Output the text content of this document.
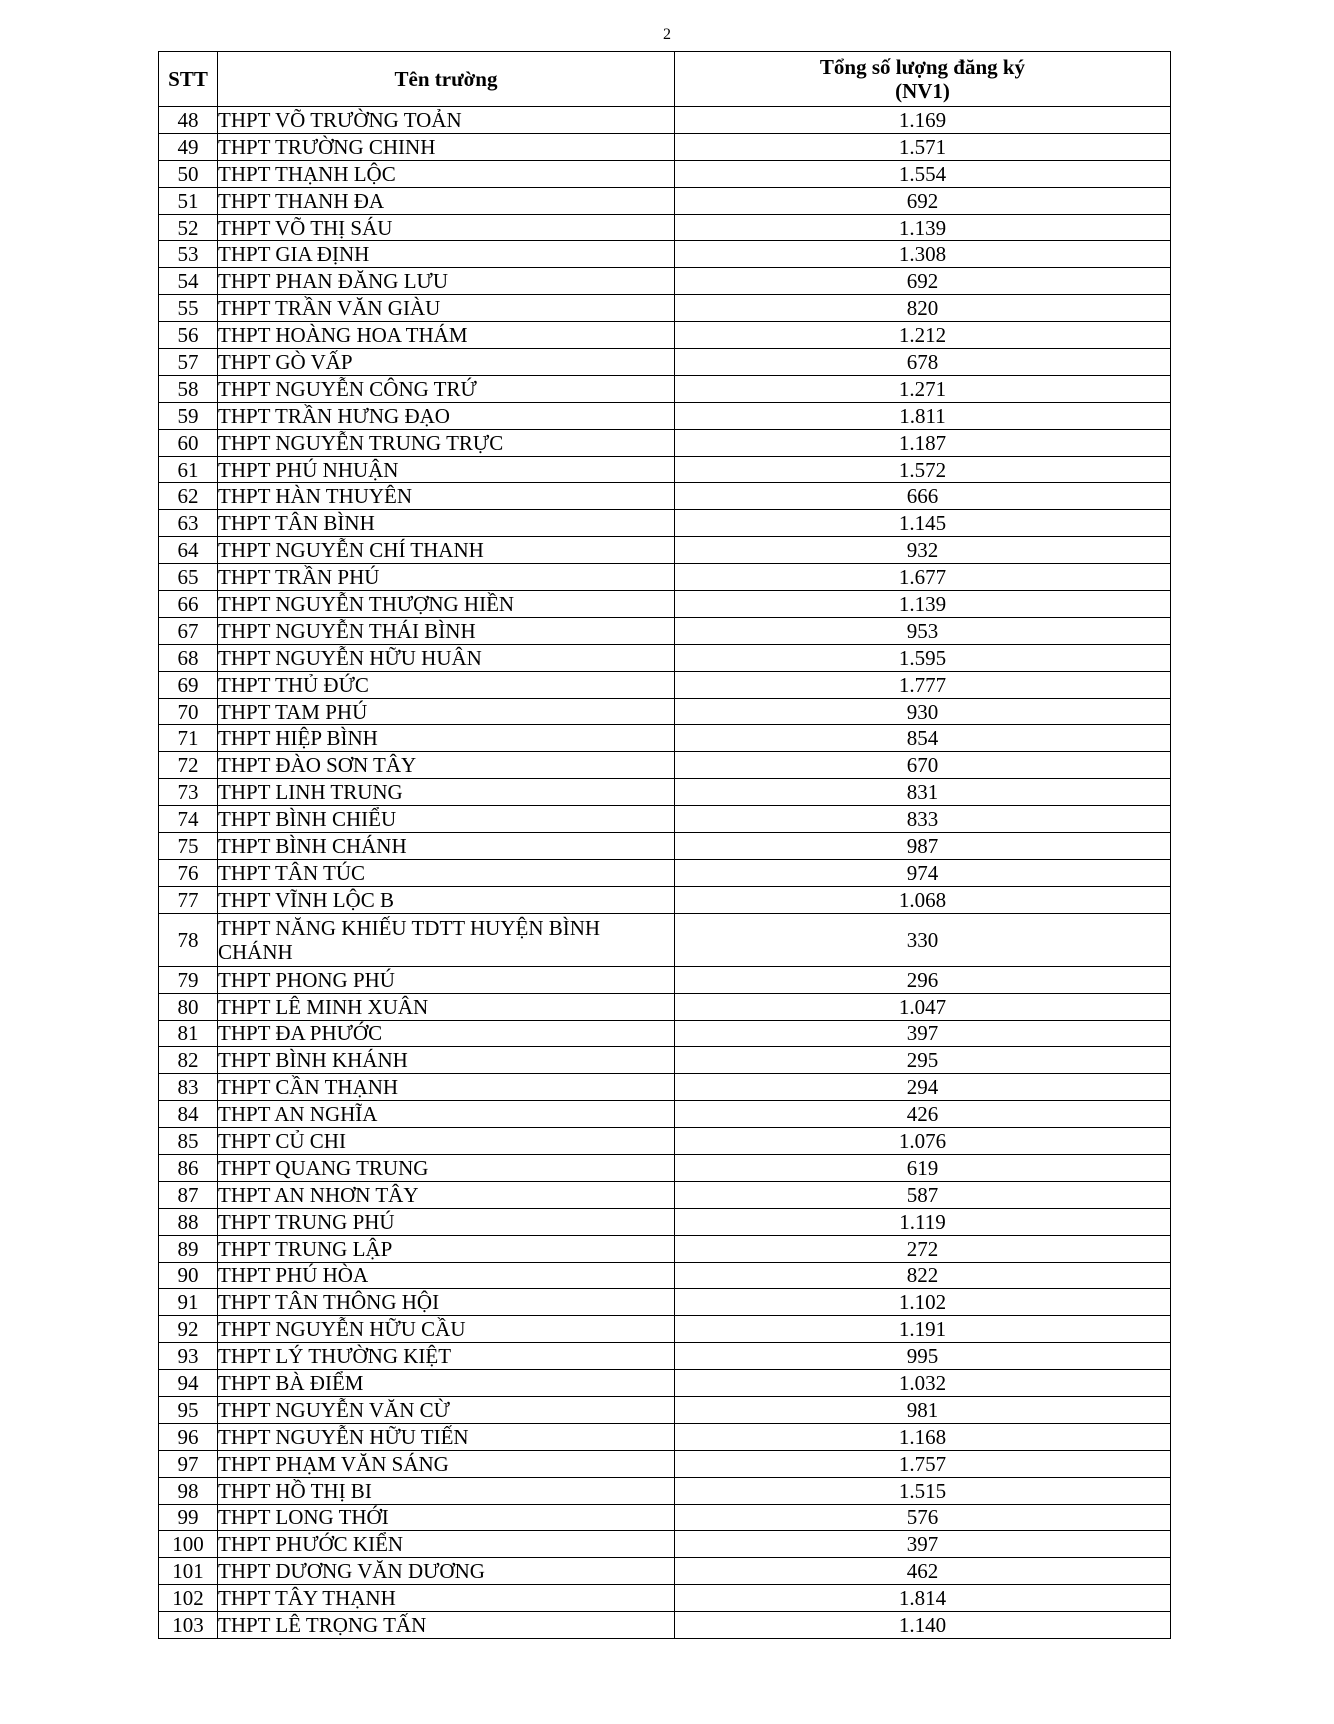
2
STT	Tên trường	Tổng số lượng đăng ký
(NV1)

48	THPT VÕ TRƯỜNG TOẢN	1.169
49	THPT TRƯỜNG CHINH	1.571
50	THPT THẠNH LỘC	1.554
51	THPT THANH ĐA	692
52	THPT VÕ THỊ SÁU	1.139
53	THPT GIA ĐỊNH	1.308
54	THPT PHAN ĐĂNG LƯU	692
55	THPT TRẦN VĂN GIÀU	820
56	THPT HOÀNG HOA THÁM	1.212
57	THPT GÒ VẤP	678
58	THPT NGUYỄN CÔNG TRỨ	1.271
59	THPT TRẦN HƯNG ĐẠO	1.811
60	THPT NGUYỄN TRUNG TRỰC	1.187
61	THPT PHÚ NHUẬN	1.572
62	THPT HÀN THUYÊN	666
63	THPT TÂN BÌNH	1.145
64	THPT NGUYỄN CHÍ THANH	932
65	THPT TRẦN PHÚ	1.677
66	THPT NGUYỄN THƯỢNG HIỀN	1.139
67	THPT NGUYỄN THÁI BÌNH	953
68	THPT NGUYỄN HỮU HUÂN	1.595
69	THPT THỦ ĐỨC	1.777
70	THPT TAM PHÚ	930
71	THPT HIỆP BÌNH	854
72	THPT ĐÀO SƠN TÂY	670
73	THPT LINH TRUNG	831
74	THPT BÌNH CHIỂU	833
75	THPT BÌNH CHÁNH	987
76	THPT TÂN TÚC	974
77	THPT VĨNH LỘC B	1.068
78	THPT NĂNG KHIẾU TDTT HUYỆN BÌNH CHÁNH	330
79	THPT PHONG PHÚ	296
80	THPT LÊ MINH XUÂN	1.047
81	THPT ĐA PHƯỚC	397
82	THPT BÌNH KHÁNH	295
83	THPT CẦN THẠNH	294
84	THPT AN NGHĨA	426
85	THPT CỦ CHI	1.076
86	THPT QUANG TRUNG	619
87	THPT AN NHƠN TÂY	587
88	THPT TRUNG PHÚ	1.119
89	THPT TRUNG LẬP	272
90	THPT PHÚ HÒA	822
91	THPT TÂN THÔNG HỘI	1.102
92	THPT NGUYỄN HỮU CẦU	1.191
93	THPT LÝ THƯỜNG KIỆT	995
94	THPT BÀ ĐIỂM	1.032
95	THPT NGUYỄN VĂN CỪ	981
96	THPT NGUYỄN HỮU TIẾN	1.168
97	THPT PHẠM VĂN SÁNG	1.757
98	THPT HỒ THỊ BI	1.515
99	THPT LONG THỚI	576
100	THPT PHƯỚC KIỂN	397
101	THPT DƯƠNG VĂN DƯƠNG	462
102	THPT TÂY THẠNH	1.814
103	THPT LÊ TRỌNG TẤN	1.140
